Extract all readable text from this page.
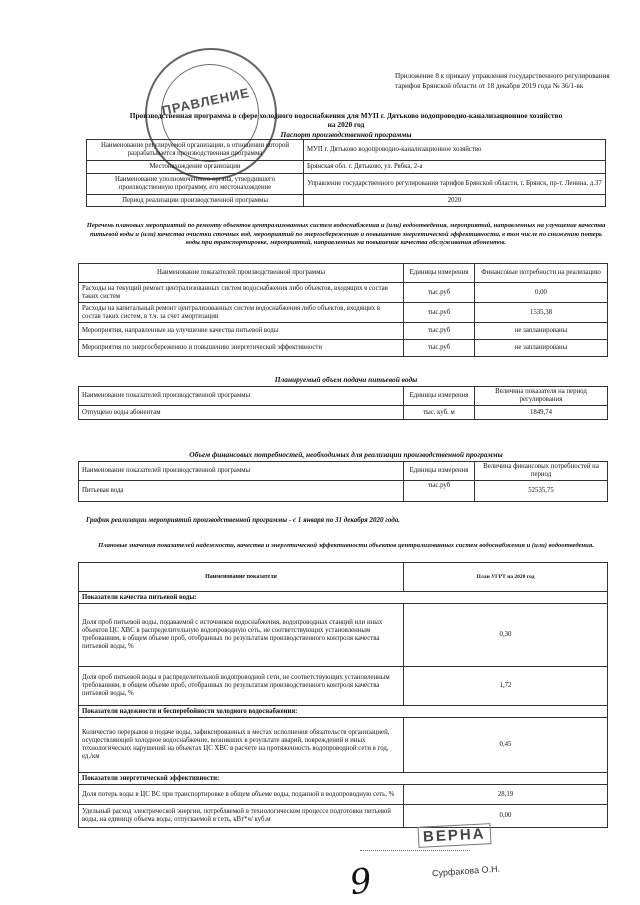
Приложение 8 к приказу управления государственного регулирования тарифов Брянской области от 18 декабря 2019 года № 36/1-вк
ПРАВЛЕНИЕ
Производственная программа в сфере холодного водоснабжения для МУП г. Дятьково водопроводно-канализационное хозяйство
на 2020 год
Паспорт производственной программы
Наименование регулируемой организации, в отношении которой разрабатывается производственная программа	МУП г. Дятьково водопроводно-канализационное хозяйство
Местонахождение организации	Брянская обл. г. Дятьково, ул. Рябка, 2-а
Наименование уполномоченного органа, утвердившего производственную программу, его местонахождение	Управление государственного регулирования тарифов Брянской области, г. Брянск, пр-т. Ленина, д.37
Период реализации производственной программы	2020
Перечень плановых мероприятий по ремонту объектов централизованных систем водоснабжения и (или) водоотведения, мероприятий, направленных на улучшение качества питьевой воды и (или) качества очистки сточных вод, мероприятий по энергосбережению и повышению энергетической эффективности, в том числе по снижению потерь воды при транспортировке, мероприятий, направленных на повышение качества обслуживания абонентов.
Наименование показателей производственной программы	Единицы измерения	Финансовые потребности на реализацию
Расходы на текущий ремонт централизованных систем водоснабжения либо объектов, входящих в состав таких систем	тыс.руб	0,00
Расходы на капитальный ремонт централизованных систем водоснабжения либо объектов, входящих в состав таких систем, в т.ч. за счет амортизации	тыс.руб	1535,38
Мероприятия, направленные на улучшение качества питьевой воды	тыс.руб	не запланированы
Мероприятия по энергосбережению и повышению энергетической эффективности	тыс.руб	не запланированы
Планируемый объем подачи питьевой воды
Наименование показателей производственной программы	Единицы измерения	Величина показателя на период регулирования
Отпущено воды абонентам	тыс. куб. м	1849,74
Объем финансовых потребностей, необходимых для реализации производственной программы
Наименование показателей производственной программы	Единицы измерения	Величина финансовых потребностей на период
Питьевая вода	тыс.руб	52535,75
График реализации мероприятий производственной программы - с 1 января по 31 декабря 2020 года.
Плановые значения показателей надежности, качества и энергетической эффективности объектов централизованных систем водоснабжения и (или) водоотведения.
Наименование показателя	План УГРТ на 2020 год
Показатели качества питьевой воды:	
Доля проб питьевой воды, подаваемой с источников водоснабжения, водопроводных станций или иных объектов ЦС ХВС в распределительную водопроводную сеть, не соответствующих установленным требованиям, в общем объеме проб, отобранных по результатам производственного контроля качества питьевой воды, %	0,30
Доля проб питьевой воды в распределительной водопроводной сети, не соответствующих установленным требованиям, в общем объеме проб, отобранных по результатам производственного контроля качества питьевой воды, %	1,72
Показатели надежности и бесперебойности холодного водоснабжения:	
Количество перерывов в подаче воды, зафиксированных в местах исполнения обязательств организацией, осуществляющей холодное водоснабжение, возникших в результате аварий, повреждений и иных технологических нарушений на объектах ЦС ХВС в расчете на протяженность водопроводной сети в год, ед./км	0,45
Показатели энергетической эффективности:	
Доля потерь воды в ЦС ВС при транспортировке в общем объеме воды, поданной в водопроводную сеть, %	28,19
Удельный расход электрической энергии, потребляемой в технологическом процессе подготовки питьевой воды, на единицу объема воды, отпускаемой в сеть, кВт*ч/ куб.м	0,00
ВЕРНА
Сурфакова О.Н.
9
